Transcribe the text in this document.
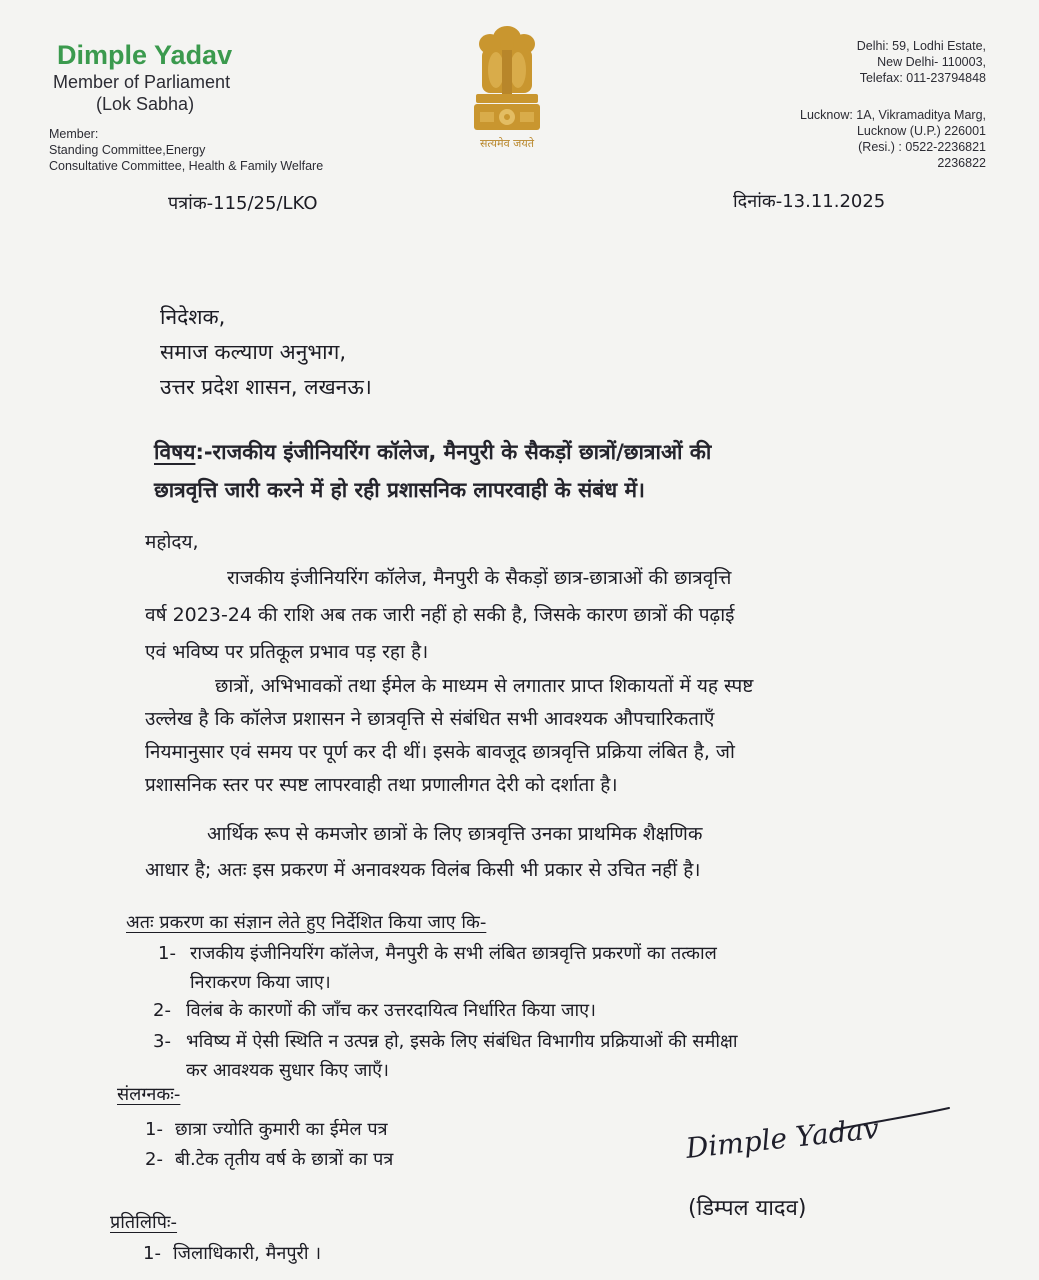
Dimple Yadav
Member of Parliament
(Lok Sabha)
Member:
Standing Committee,Energy
Consultative Committee, Health & Family Welfare
सत्यमेव जयते
Delhi: 59, Lodhi Estate,
New Delhi- 110003,
Telefax: 011-23794848
Lucknow: 1A, Vikramaditya Marg,
Lucknow (U.P.) 226001
(Resi.) : 0522-2236821
2236822
पत्रांक-115/25/LKO	दिनांक-13.11.2025
निदेशक,
समाज कल्याण अनुभाग,
उत्तर प्रदेश शासन, लखनऊ।
विषय:-राजकीय इंजीनियरिंग कॉलेज, मैनपुरी के सैकड़ों छात्रों/छात्राओं की
छात्रवृत्ति जारी करने में हो रही प्रशासनिक लापरवाही के संबंध में।
महोदय,
राजकीय इंजीनियरिंग कॉलेज, मैनपुरी के सैकड़ों छात्र-छात्राओं की छात्रवृत्ति
वर्ष 2023-24 की राशि अब तक जारी नहीं हो सकी है, जिसके कारण छात्रों की पढ़ाई
एवं भविष्य पर प्रतिकूल प्रभाव पड़ रहा है।
छात्रों, अभिभावकों तथा ईमेल के माध्यम से लगातार प्राप्त शिकायतों में यह स्पष्ट
उल्लेख है कि कॉलेज प्रशासन ने छात्रवृत्ति से संबंधित सभी आवश्यक औपचारिकताएँ
नियमानुसार एवं समय पर पूर्ण कर दी थीं। इसके बावजूद छात्रवृत्ति प्रक्रिया लंबित है, जो
प्रशासनिक स्तर पर स्पष्ट लापरवाही तथा प्रणालीगत देरी को दर्शाता है।
आर्थिक रूप से कमजोर छात्रों के लिए छात्रवृत्ति उनका प्राथमिक शैक्षणिक
आधार है; अतः इस प्रकरण में अनावश्यक विलंब किसी भी प्रकार से उचित नहीं है।
अतः प्रकरण का संज्ञान लेते हुए निर्देशित किया जाए कि-
1- राजकीय इंजीनियरिंग कॉलेज, मैनपुरी के सभी लंबित छात्रवृत्ति प्रकरणों का तत्काल
निराकरण किया जाए।
2- विलंब के कारणों की जाँच कर उत्तरदायित्व निर्धारित किया जाए।
3- भविष्य में ऐसी स्थिति न उत्पन्न हो, इसके लिए संबंधित विभागीय प्रक्रियाओं की समीक्षा
कर आवश्यक सुधार किए जाएँ।
संलग्नकः-
1- छात्रा ज्योति कुमारी का ईमेल पत्र
2- बी.टेक तृतीय वर्ष के छात्रों का पत्र	Dimple Yadav
(डिम्पल यादव)
प्रतिलिपिः-
1- जिलाधिकारी, मैनपुरी ।
